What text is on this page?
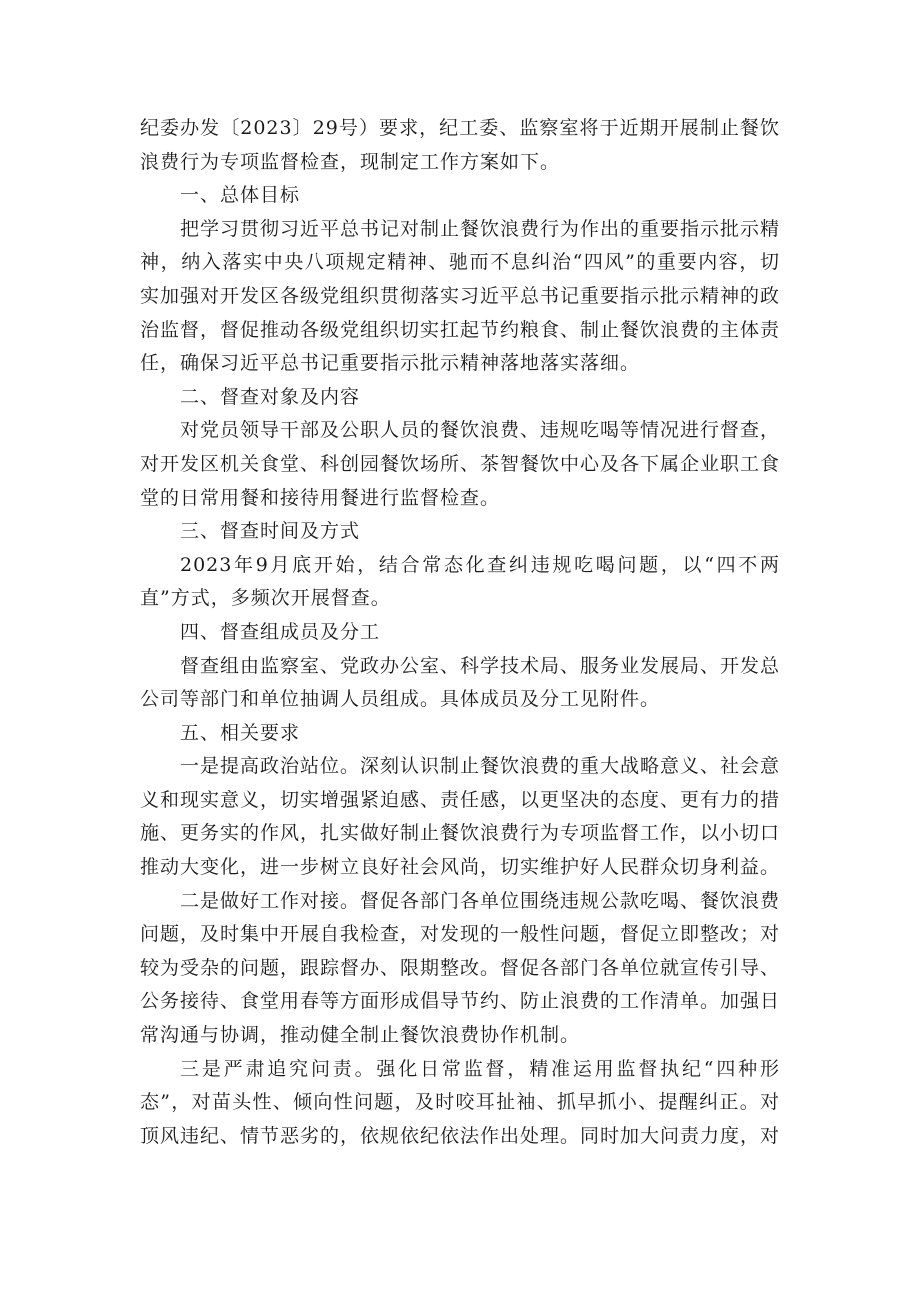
纪委办发〔2023〕29号）要求，纪工委、监察室将于近期开展制止餐饮浪费行为专项监督检查，现制定工作方案如下。

一、总体目标

把学习贯彻习近平总书记对制止餐饮浪费行为作出的重要指示批示精神，纳入落实中央八项规定精神、驰而不息纠治“四风”的重要内容，切实加强对开发区各级党组织贯彻落实习近平总书记重要指示批示精神的政治监督，督促推动各级党组织切实扛起节约粮食、制止餐饮浪费的主体责任，确保习近平总书记重要指示批示精神落地落实落细。

二、督查对象及内容

对党员领导干部及公职人员的餐饮浪费、违规吃喝等情况进行督查，对开发区机关食堂、科创园餐饮场所、茶智餐饮中心及各下属企业职工食堂的日常用餐和接待用餐进行监督检查。

三、督查时间及方式

2023年9月底开始，结合常态化查纠违规吃喝问题，以“四不两直”方式，多频次开展督查。

四、督查组成员及分工

督查组由监察室、党政办公室、科学技术局、服务业发展局、开发总公司等部门和单位抽调人员组成。具体成员及分工见附件。

五、相关要求

一是提高政治站位。深刻认识制止餐饮浪费的重大战略意义、社会意义和现实意义，切实增强紧迫感、责任感，以更坚决的态度、更有力的措施、更务实的作风，扎实做好制止餐饮浪费行为专项监督工作，以小切口推动大变化，进一步树立良好社会风尚，切实维护好人民群众切身利益。

二是做好工作对接。督促各部门各单位围绕违规公款吃喝、餐饮浪费问题，及时集中开展自我检查，对发现的一般性问题，督促立即整改；对较为受杂的问题，跟踪督办、限期整改。督促各部门各单位就宣传引导、公务接待、食堂用春等方面形成倡导节约、防止浪费的工作清单。加强日常沟通与协调，推动健全制止餐饮浪费协作机制。

三是严肃追究问责。强化日常监督，精准运用监督执纪“四种形态”，对苗头性、倾向性问题，及时咬耳扯袖、抓早抓小、提醒纠正。对顶风违纪、情节恶劣的，依规依纪依法作出处理。同时加大问责力度，对
